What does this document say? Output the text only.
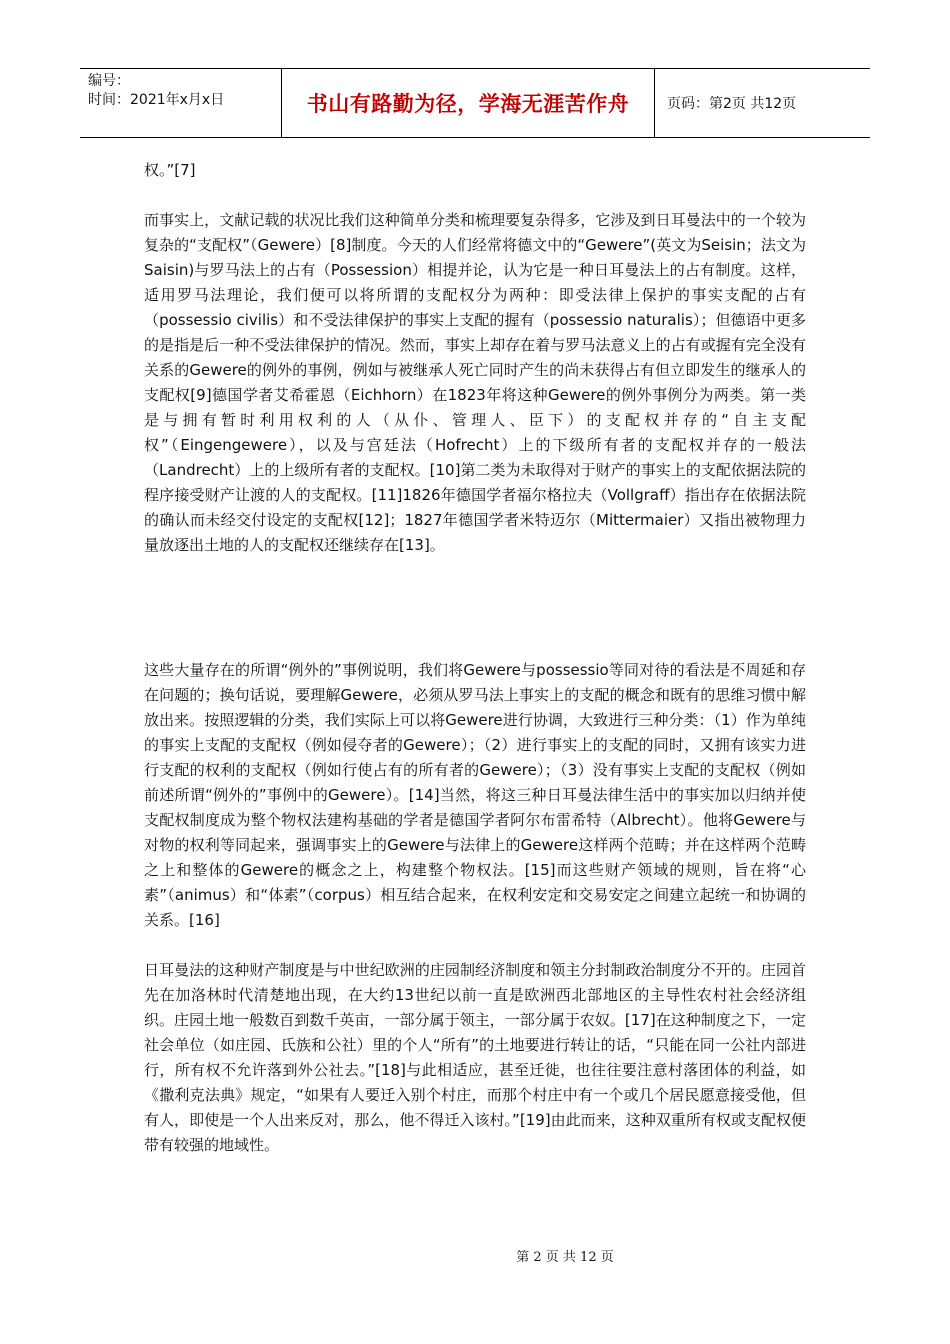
编号：
时间：2021年x月x日	书山有路勤为径，学海无涯苦作舟	页码：第2页 共12页

权。”[7]

而事实上，文献记载的状况比我们这种简单分类和梳理要复杂得多，它涉及到日耳曼法中的一个较为复杂的“支配权”（Gewere）[8]制度。今天的人们经常将德文中的“Gewere”(英文为Seisin；法文为Saisin)与罗马法上的占有（Possession）相提并论，认为它是一种日耳曼法上的占有制度。这样，适用罗马法理论，我们便可以将所谓的支配权分为两种：即受法律上保护的事实支配的占有（possessio civilis）和不受法律保护的事实上支配的握有（possessio naturalis）；但德语中更多的是指是后一种不受法律保护的情况。然而，事实上却存在着与罗马法意义上的占有或握有完全没有关系的Gewere的例外的事例，例如与被继承人死亡同时产生的尚未获得占有但立即发生的继承人的支配权[9]德国学者艾希霍恩（Eichhorn）在1823年将这种Gewere的例外事例分为两类。第一类是与拥有暂时利用权利的人（从仆、管理人、臣下）的支配权并存的“自主支配权”（Eingengewere），以及与宫廷法（Hofrecht）上的下级所有者的支配权并存的一般法（Landrecht）上的上级所有者的支配权。[10]第二类为未取得对于财产的事实上的支配依据法院的程序接受财产让渡的人的支配权。[11]1826年德国学者福尔格拉夫（Vollgraff）指出存在依据法院的确认而未经交付设定的支配权[12]；1827年德国学者米特迈尔（Mittermaier）又指出被物理力量放逐出土地的人的支配权还继续存在[13]。

这些大量存在的所谓“例外的”事例说明，我们将Gewere与possessio等同对待的看法是不周延和存在问题的；换句话说，要理解Gewere，必须从罗马法上事实上的支配的概念和既有的思维习惯中解放出来。按照逻辑的分类，我们实际上可以将Gewere进行协调，大致进行三种分类：（1）作为单纯的事实上支配的支配权（例如侵夺者的Gewere）；（2）进行事实上的支配的同时，又拥有该实力进行支配的权利的支配权（例如行使占有的所有者的Gewere）；（3）没有事实上支配的支配权（例如前述所谓“例外的”事例中的Gewere）。[14]当然，将这三种日耳曼法律生活中的事实加以归纳并使支配权制度成为整个物权法建构基础的学者是德国学者阿尔布雷希特（Albrecht）。他将Gewere与对物的权利等同起来，强调事实上的Gewere与法律上的Gewere这样两个范畴；并在这样两个范畴之上和整体的Gewere的概念之上，构建整个物权法。[15]而这些财产领域的规则，旨在将“心素”（animus）和“体素”（corpus）相互结合起来，在权利安定和交易安定之间建立起统一和协调的关系。[16]

日耳曼法的这种财产制度是与中世纪欧洲的庄园制经济制度和领主分封制政治制度分不开的。庄园首先在加洛林时代清楚地出现，在大约13世纪以前一直是欧洲西北部地区的主导性农村社会经济组织。庄园土地一般数百到数千英亩，一部分属于领主，一部分属于农奴。[17]在这种制度之下，一定社会单位（如庄园、氏族和公社）里的个人“所有”的土地要进行转让的话，“只能在同一公社内部进行，所有权不允许落到外公社去。”[18]与此相适应，甚至迁徙，也往往要注意村落团体的利益，如《撒利克法典》规定，“如果有人要迁入别个村庄，而那个村庄中有一个或几个居民愿意接受他，但有人，即使是一个人出来反对，那么，他不得迁入该村。”[19]由此而来，这种双重所有权或支配权便带有较强的地域性。

第 2 页 共 12 页
